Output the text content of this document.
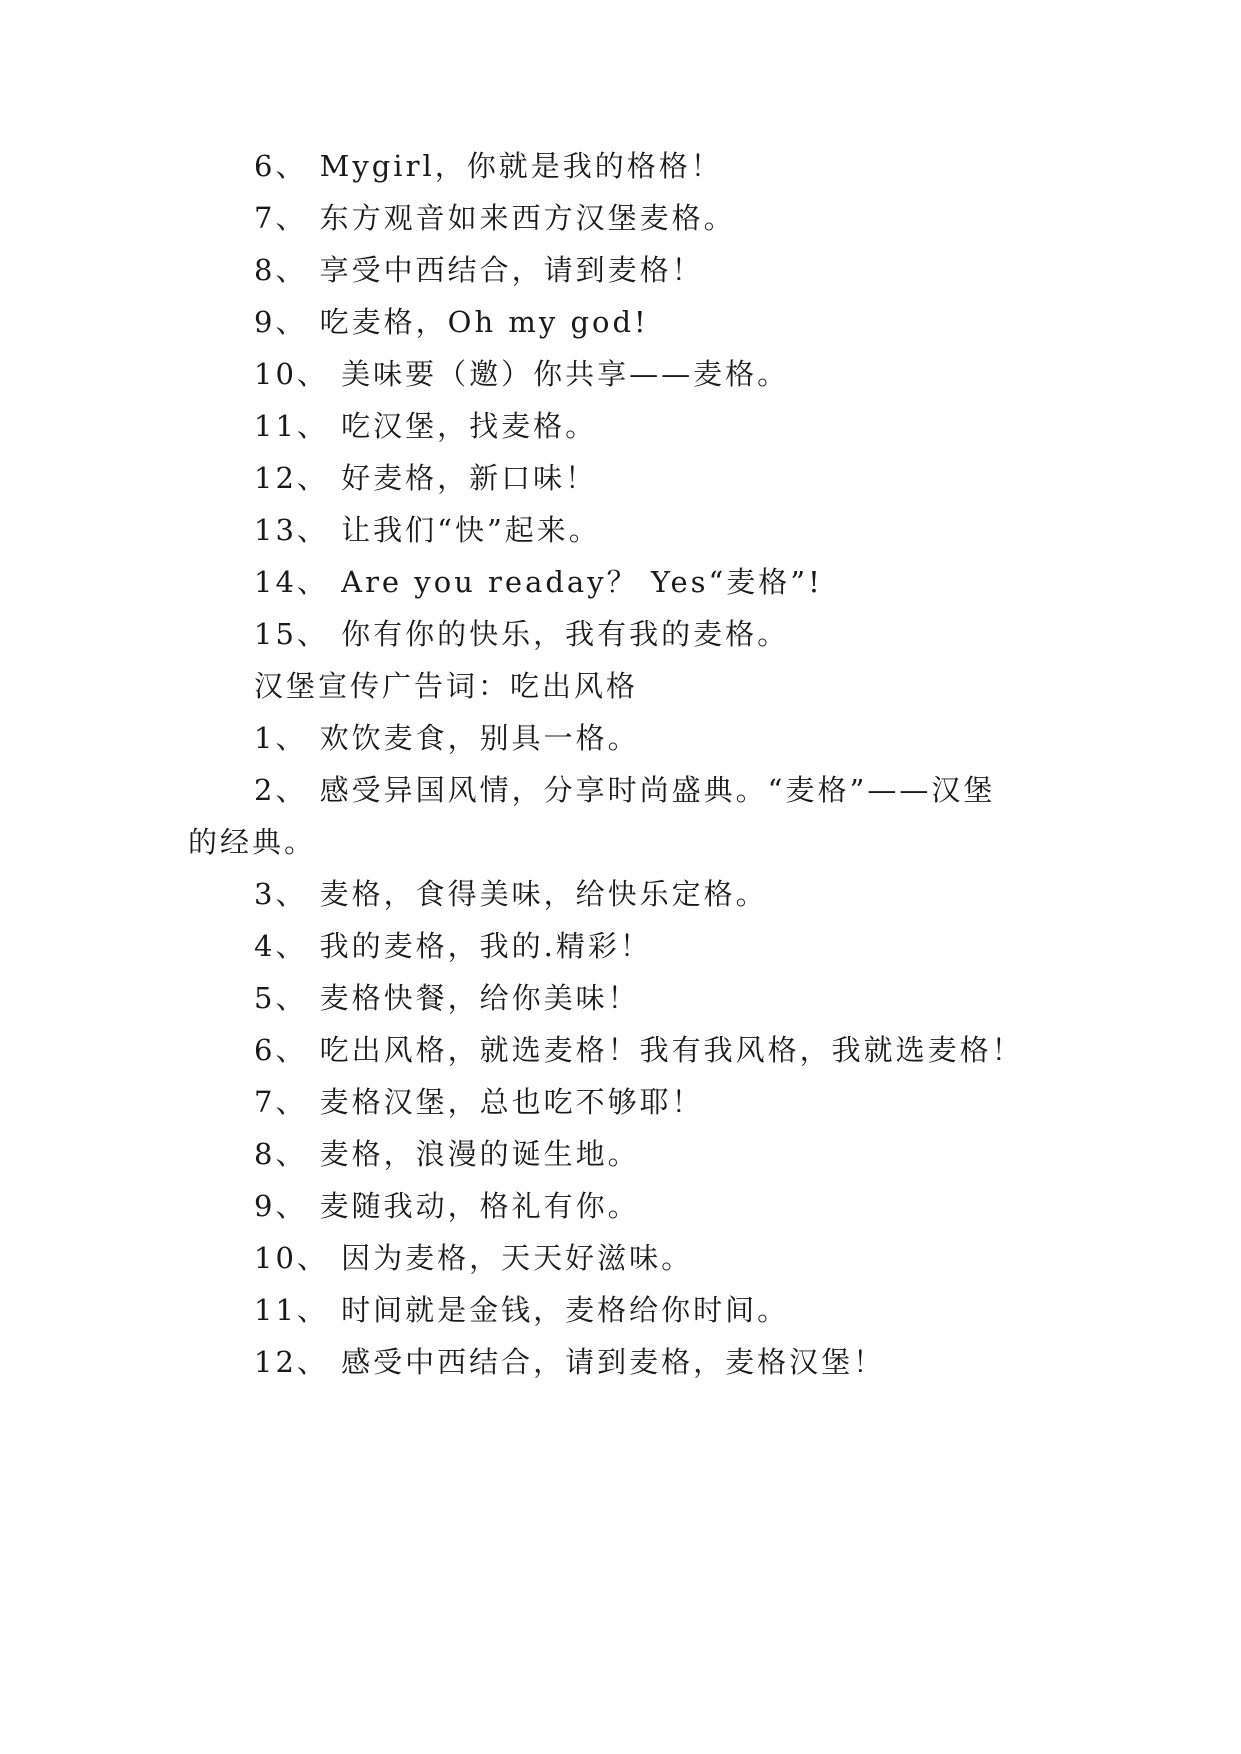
6、 Mygirl，你就是我的格格！
7、 东方观音如来西方汉堡麦格。
8、 享受中西结合，请到麦格！
9、 吃麦格，Oh my god!
10、 美味要（邀）你共享——麦格。
11、 吃汉堡，找麦格。
12、 好麦格，新口味！
13、 让我们“快”起来。
14、 Are you readay？ Yes“麦格”!
15、 你有你的快乐，我有我的麦格。
汉堡宣传广告词：吃出风格
1、 欢饮麦食，别具一格。
2、 感受异国风情，分享时尚盛典。“麦格”——汉堡
的经典。
3、 麦格，食得美味，给快乐定格。
4、 我的麦格，我的.精彩！
5、 麦格快餐，给你美味！
6、 吃出风格，就选麦格！我有我风格，我就选麦格！
7、 麦格汉堡，总也吃不够耶！
8、 麦格，浪漫的诞生地。
9、 麦随我动，格礼有你。
10、 因为麦格，天天好滋味。
11、 时间就是金钱，麦格给你时间。
12、 感受中西结合，请到麦格，麦格汉堡！
